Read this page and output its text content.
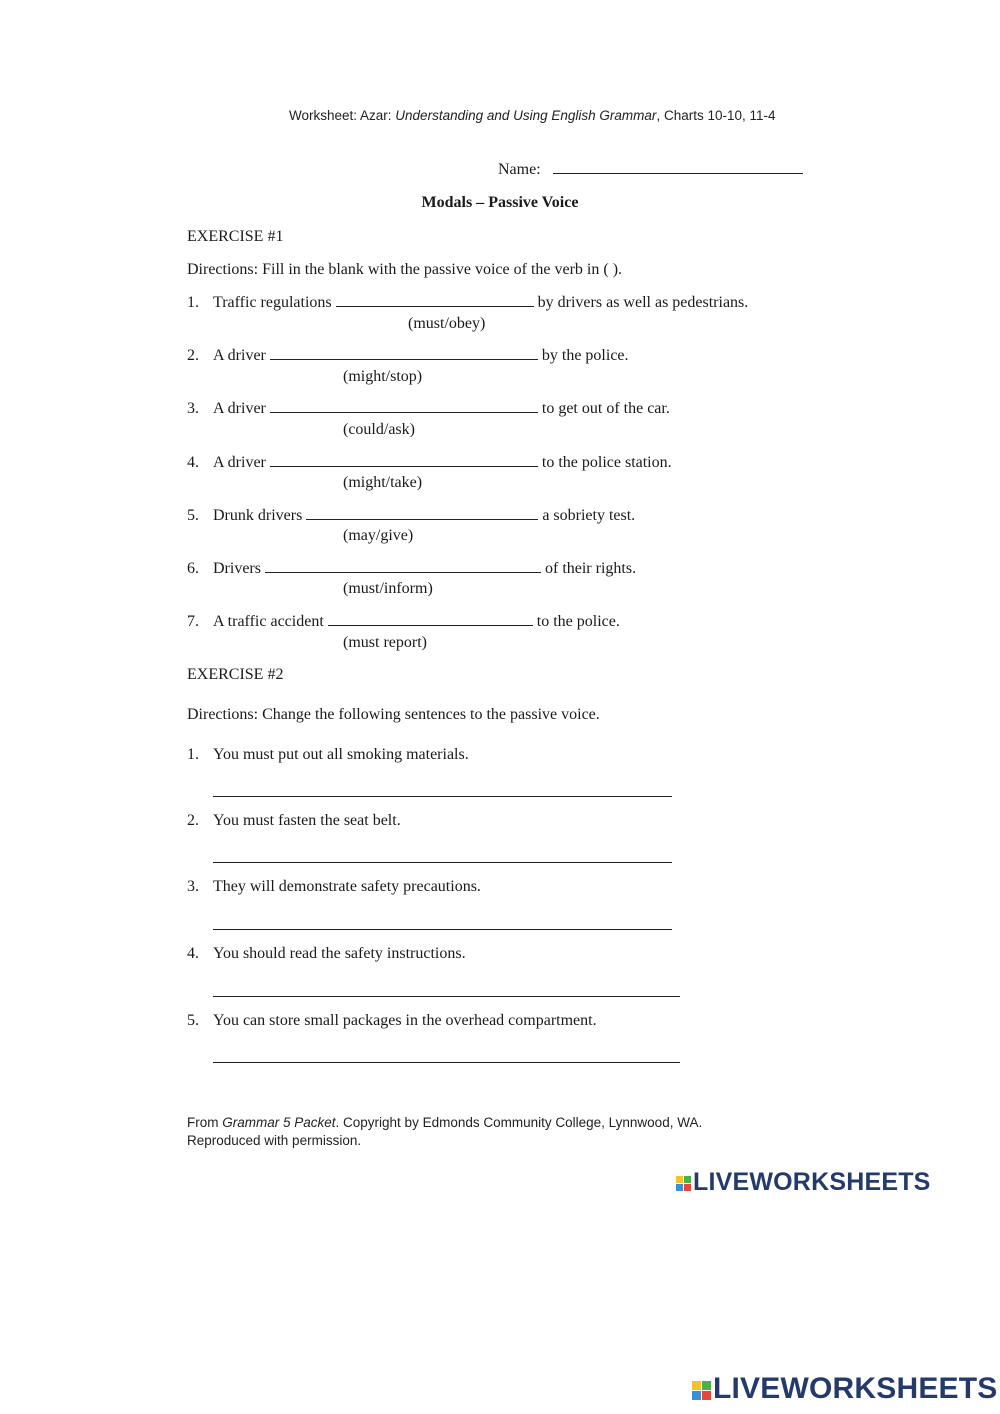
Worksheet: Azar: Understanding and Using English Grammar, Charts 10-10, 11-4
Name:
Modals – Passive Voice
EXERCISE #1
Directions: Fill in the blank with the passive voice of the verb in ( ).
1. Traffic regulations	by drivers as well as pedestrians.
(must/obey)
2. A driver	by the police.
(might/stop)
3. A driver	to get out of the car.
(could/ask)
4. A driver	to the police station.
(might/take)
5. Drunk drivers	a sobriety test.
(may/give)
6. Drivers	of their rights.
(must/inform)
7. A traffic accident	to the police.
(must report)
EXERCISE #2
Directions: Change the following sentences to the passive voice.
1. You must put out all smoking materials.
2. You must fasten the seat belt.
3. They will demonstrate safety precautions.
4. You should read the safety instructions.
5. You can store small packages in the overhead compartment.
From Grammar 5 Packet. Copyright by Edmonds Community College, Lynnwood, WA.
Reproduced with permission.
LIVEWORKSHEETS
LIVEWORKSHEETS
